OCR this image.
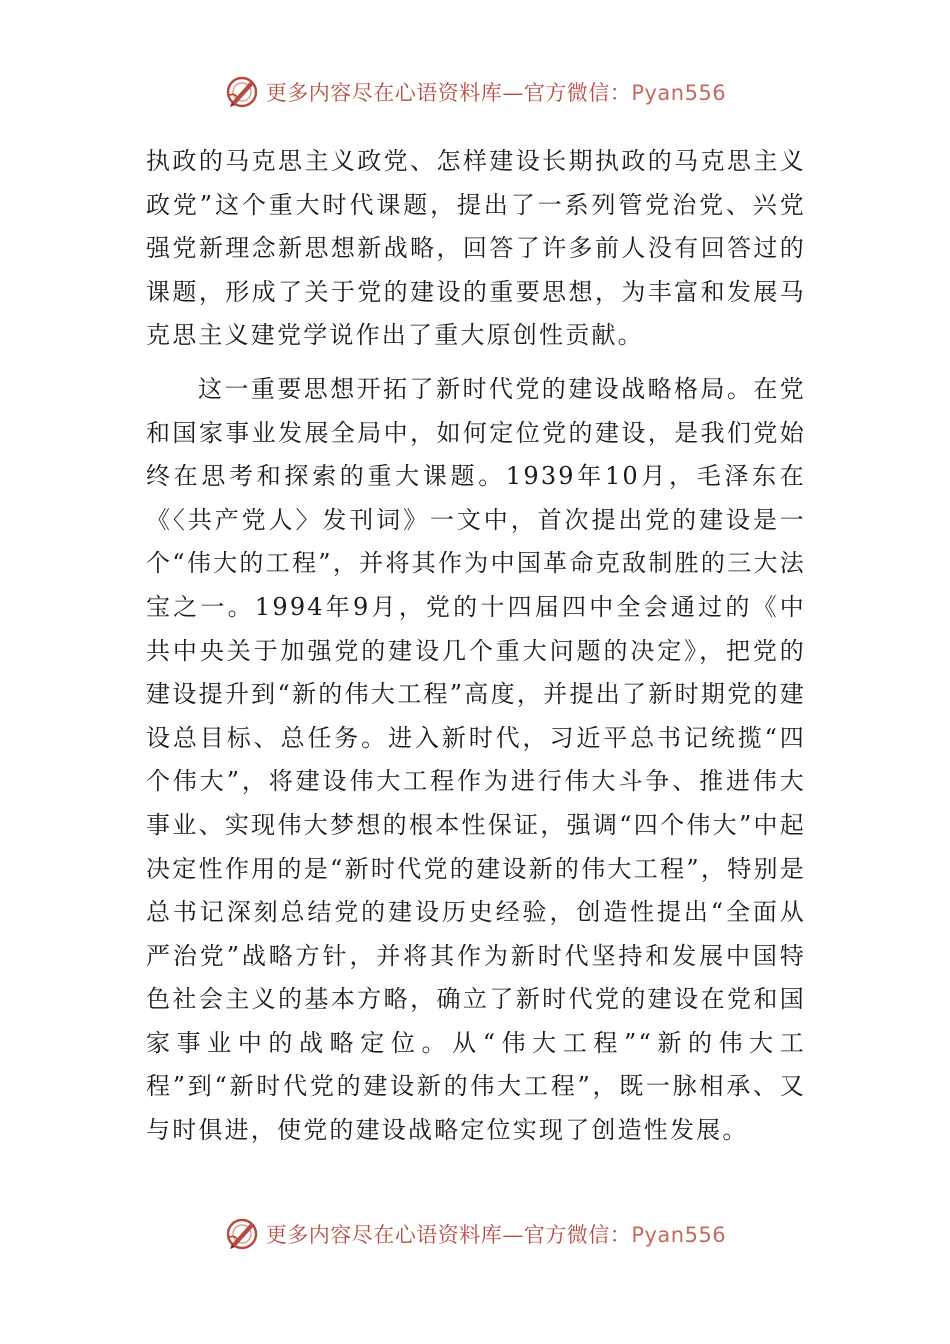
更多内容尽在心语资料库—官方微信：Pyan556

执政的马克思主义政党、怎样建设长期执政的马克思主义政党”这个重大时代课题，提出了一系列管党治党、兴党强党新理念新思想新战略，回答了许多前人没有回答过的课题，形成了关于党的建设的重要思想，为丰富和发展马克思主义建党学说作出了重大原创性贡献。

这一重要思想开拓了新时代党的建设战略格局。在党和国家事业发展全局中，如何定位党的建设，是我们党始终在思考和探索的重大课题。1939年10月，毛泽东在《〈共产党人〉发刊词》一文中，首次提出党的建设是一个“伟大的工程”，并将其作为中国革命克敌制胜的三大法宝之一。1994年9月，党的十四届四中全会通过的《中共中央关于加强党的建设几个重大问题的决定》，把党的建设提升到“新的伟大工程”高度，并提出了新时期党的建设总目标、总任务。进入新时代，习近平总书记统揽“四个伟大”，将建设伟大工程作为进行伟大斗争、推进伟大事业、实现伟大梦想的根本性保证，强调“四个伟大”中起决定性作用的是“新时代党的建设新的伟大工程”，特别是总书记深刻总结党的建设历史经验，创造性提出“全面从严治党”战略方针，并将其作为新时代坚持和发展中国特色社会主义的基本方略，确立了新时代党的建设在党和国家事业中的战略定位。从“伟大工程”“新的伟大工程”到“新时代党的建设新的伟大工程”，既一脉相承、又与时俱进，使党的建设战略定位实现了创造性发展。

更多内容尽在心语资料库—官方微信：Pyan556
